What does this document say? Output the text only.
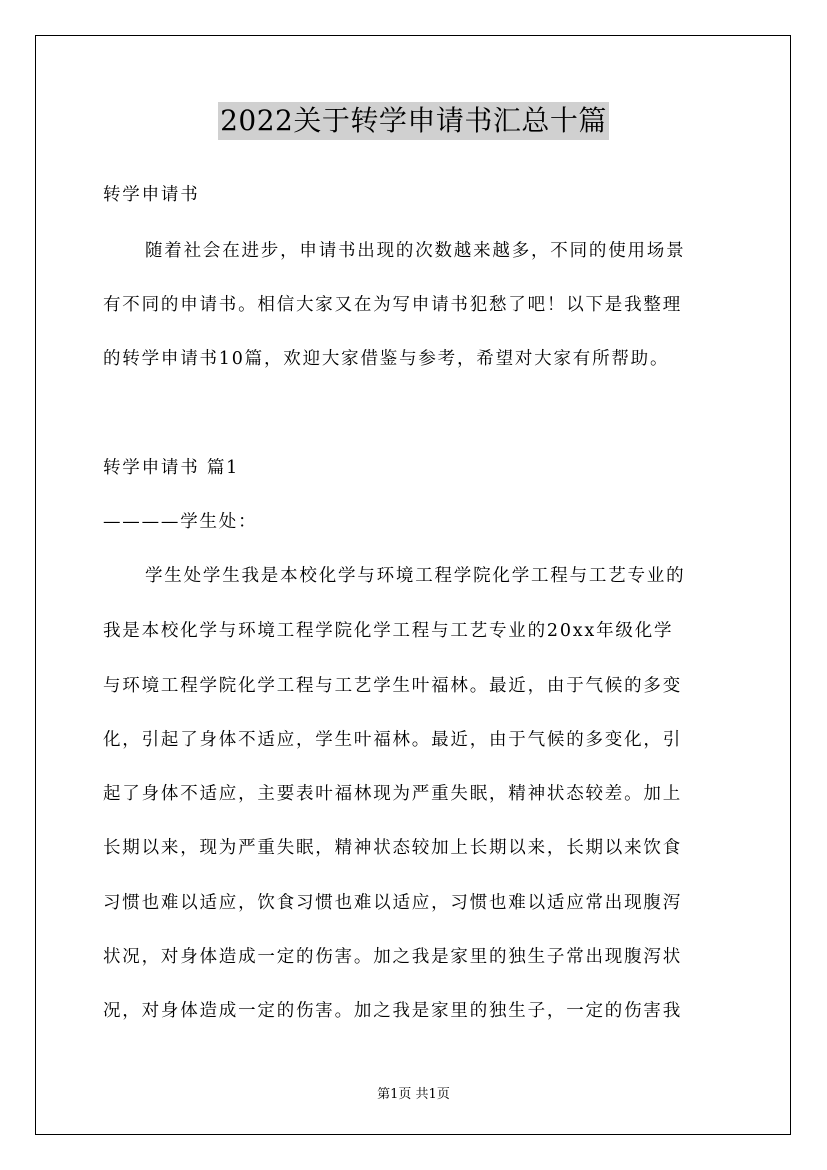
2022关于转学申请书汇总十篇
转学申请书
随着社会在进步，申请书出现的次数越来越多，不同的使用场景
有不同的申请书。相信大家又在为写申请书犯愁了吧！以下是我整理
的转学申请书10篇，欢迎大家借鉴与参考，希望对大家有所帮助。
转学申请书 篇1
————学生处：
学生处学生我是本校化学与环境工程学院化学工程与工艺专业的
我是本校化学与环境工程学院化学工程与工艺专业的20xx年级化学
与环境工程学院化学工程与工艺学生叶福林。最近，由于气候的多变
化，引起了身体不适应，学生叶福林。最近，由于气候的多变化，引
起了身体不适应，主要表叶福林现为严重失眠，精神状态较差。加上
长期以来，现为严重失眠，精神状态较加上长期以来，长期以来饮食
习惯也难以适应，饮食习惯也难以适应，习惯也难以适应常出现腹泻
状况，对身体造成一定的伤害。加之我是家里的独生子常出现腹泻状
况，对身体造成一定的伤害。加之我是家里的独生子，一定的伤害我
第1页 共1页
